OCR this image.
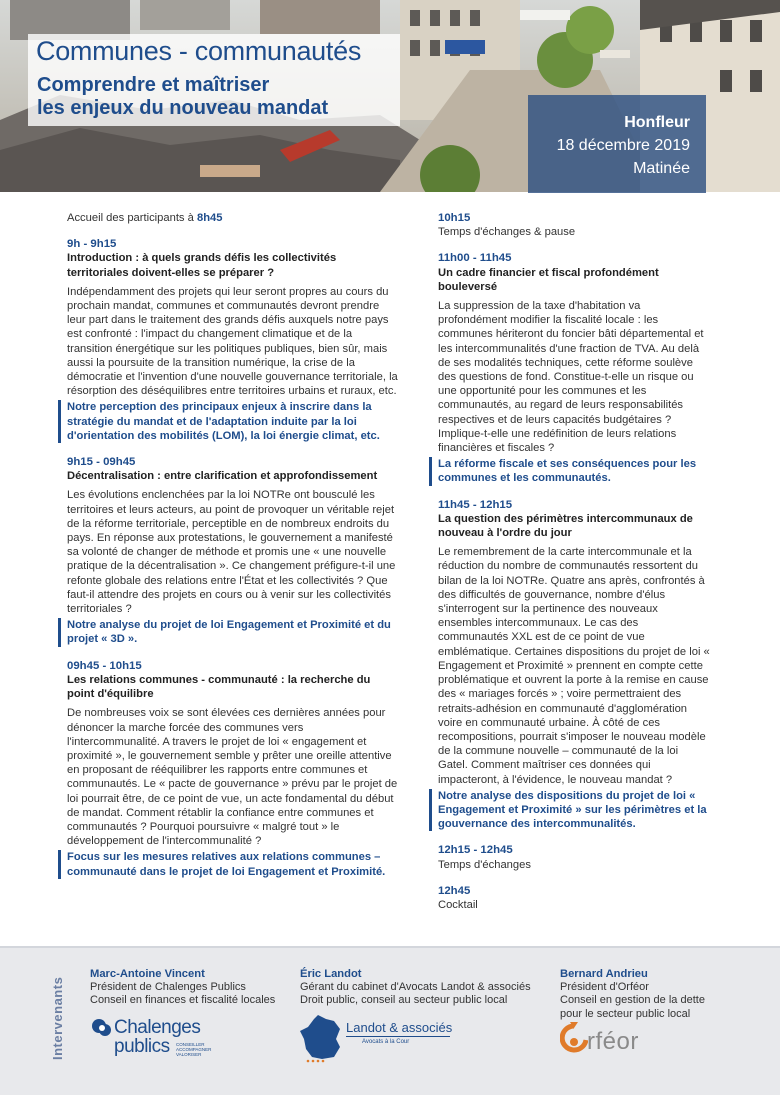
Communes - communautés
Comprendre et maîtriser
les enjeux du nouveau mandat
Honfleur
18 décembre 2019
Matinée
Accueil des participants à 8h45
9h - 9h15
Introduction : à quels grands défis les collectivités territoriales doivent-elles se préparer ?
Indépendamment des projets qui leur seront propres au cours du prochain mandat, communes et communautés devront prendre leur part dans le traitement des grands défis auxquels notre pays est confronté : l'impact du changement climatique et de la transition énergétique sur les politiques publiques, bien sûr, mais aussi la poursuite de la transition numérique, la crise de la démocratie et l'invention d'une nouvelle gouvernance territoriale, la résorption des déséquilibres entre territoires urbains et ruraux, etc.
Notre perception des principaux enjeux à inscrire dans la stratégie du mandat et de l'adaptation induite par la loi d'orientation des mobilités (LOM), la loi énergie climat, etc.
9h15 - 09h45
Décentralisation : entre clarification et approfondissement
Les évolutions enclenchées par la loi NOTRe ont bousculé les territoires et leurs acteurs, au point de provoquer un véritable rejet de la réforme territoriale, perceptible en de nombreux endroits du pays. En réponse aux protestations, le gouvernement a manifesté sa volonté de changer de méthode et promis une « une nouvelle pratique de la décentralisation ». Ce changement préfigure-t-il une refonte globale des relations entre l'État et les collectivités ? Que faut-il attendre des projets en cours ou à venir sur les collectivités territoriales ?
Notre analyse du projet de loi Engagement et Proximité et du projet « 3D ».
09h45 - 10h15
Les relations communes - communauté : la recherche du point d'équilibre
De nombreuses voix se sont élevées ces dernières années pour dénoncer la marche forcée des communes vers l'intercommunalité. A travers le projet de loi « engagement et proximité », le gouvernement semble y prêter une oreille attentive en proposant de rééquilibrer les rapports entre communes et communautés. Le « pacte de gouvernance » prévu par le projet de loi pourrait être, de ce point de vue, un acte fondamental du début de mandat. Comment rétablir la confiance entre communes et communautés ? Pourquoi poursuivre « malgré tout » le développement de l'intercommunalité ?
Focus sur les mesures relatives aux relations communes – communauté dans le projet de loi Engagement et Proximité.
10h15
Temps d'échanges & pause
11h00 - 11h45
Un cadre financier et fiscal profondément bouleversé
La suppression de la taxe d'habitation va profondément modifier la fiscalité locale : les communes hériteront du foncier bâti départemental et les intercommunalités d'une fraction de TVA. Au delà de ses modalités techniques, cette réforme soulève des questions de fond. Constitue-t-elle un risque ou une opportunité pour les communes et les communautés, au regard de leurs responsabilités respectives et de leurs capacités budgétaires ? Implique-t-elle une redéfinition de leurs relations financières et fiscales ?
La réforme fiscale et ses conséquences pour les communes et les communautés.
11h45 - 12h15
La question des périmètres intercommunaux de nouveau à l'ordre du jour
Le remembrement de la carte intercommunale et la réduction du nombre de communautés ressortent du bilan de la loi NOTRe. Quatre ans après, confrontés à des difficultés de gouvernance, nombre d'élus s'interrogent sur la pertinence des nouveaux ensembles intercommunaux. Le cas des communautés XXL est de ce point de vue emblématique. Certaines dispositions du projet de loi « Engagement et Proximité » prennent en compte cette problématique et ouvrent la porte à la remise en cause des « mariages forcés » ; voire permettraient des retraits-adhésion en communauté d'agglomération voire en communauté urbaine. À côté de ces recompositions, pourrait s'imposer le nouveau modèle de la commune nouvelle – communauté de la loi Gatel. Comment maîtriser ces données qui impacteront, à l'évidence, le nouveau mandat ?
Notre analyse des dispositions du projet de loi « Engagement et Proximité » sur les périmètres et la gouvernance des intercommunalités.
12h15 - 12h45
Temps d'échanges
12h45
Cocktail
Intervenants
Marc-Antoine Vincent
Président de Chalenges Publics
Conseil en finances et fiscalité locales
Éric Landot
Gérant du cabinet d'Avocats Landot & associés
Droit public, conseil au secteur public local
Bernard Andrieu
Président d'Orféor
Conseil en gestion de la dette
pour le secteur public local
Chalenges
publics CONSEILLER ACCOMPAGNER VALORISER
Landot & associés
Avocats à la Cour	rféor
